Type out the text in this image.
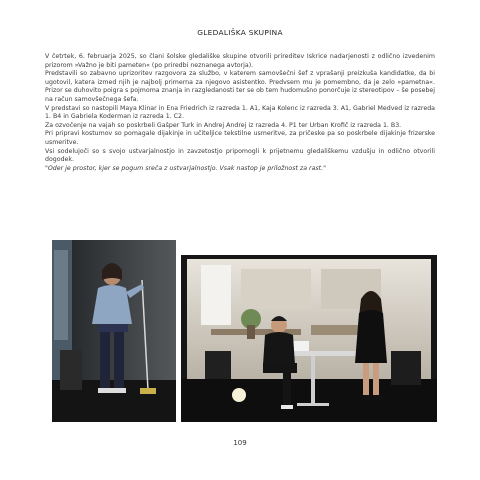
GLEDALIŠKA SKUPINA

V četrtek, 6. februarja 2025, so člani šolske gledališke skupine otvorili prireditev Iskrice nadarjenosti z odlično izvedenim prizorom »Važno je biti pameten« (po priredbi neznanega avtorja).

Predstavili so zabavno uprizoritev razgovora za službo, v katerem samovšečni šef z vprašanji preizkuša kandidatke, da bi ugotovil, katera izmed njih je najbolj primerna za njegovo asistentko. Predvsem mu je pomembno, da je zelo »pametna«. Prizor se duhovito poigra s pojmoma znanja in razgledanosti ter se ob tem hudomušno ponorčuje iz stereotipov – še posebej na račun samovšečnega šefa.

V predstavi so nastopili Maya Klinar in Ena Friedrich iz razreda 1. A1, Kaja Kolenc iz razreda 3. A1, Gabriel Medved iz razreda 1. B4 in Gabriela Koderman iz razreda 1. C2.

Za ozvočenje na vajah so poskrbeli Gašper Turk in Andrej Andrej iz razreda 4. P1 ter Urban Krofič iz razreda 1. B3.

Pri pripravi kostumov so pomagale dijakinje in učiteljice tekstilne usmeritve, za pričeske pa so poskrbele dijakinje frizerske usmeritve.

Vsi sodelujoči so s svojo ustvarjalnostjo in zavzetostjo pripomogli k prijetnemu gledališkemu vzdušju in odlično otvorili dogodek.

"Oder je prostor, kjer se pogum sreča z ustvarjalnostjo. Vsak nastop je priložnost za rast."

109
